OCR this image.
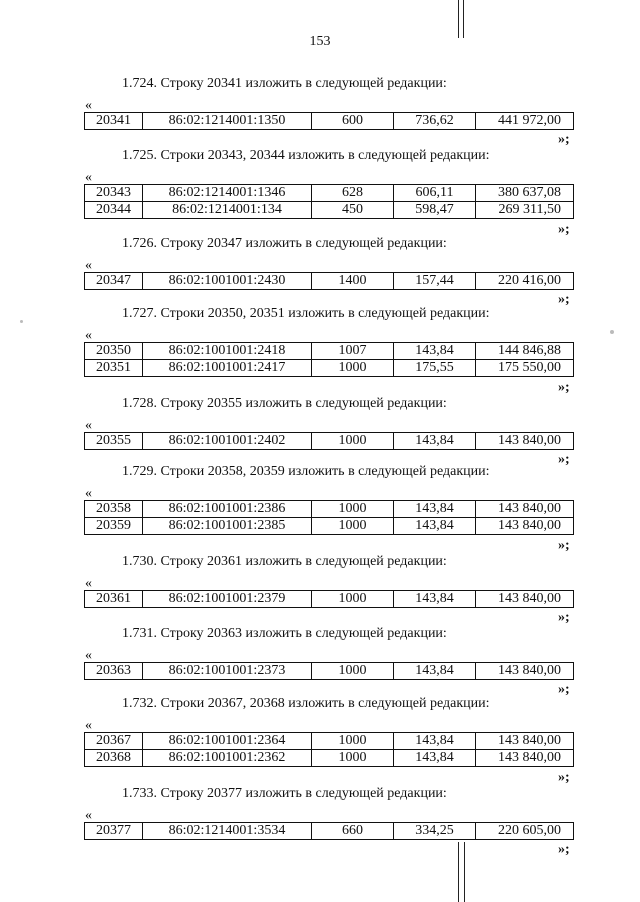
153
1.724. Строку 20341 изложить в следующей редакции:
«
20341	86:02:1214001:1350	600	736,62	441 972,00
»;
1.725. Строки 20343, 20344 изложить в следующей редакции:
«
20343	86:02:1214001:1346	628	606,11	380 637,08
20344	86:02:1214001:134	450	598,47	269 311,50
»;
1.726. Строку 20347 изложить в следующей редакции:
«
20347	86:02:1001001:2430	1400	157,44	220 416,00
»;
1.727. Строки 20350, 20351 изложить в следующей редакции:
«
20350	86:02:1001001:2418	1007	143,84	144 846,88
20351	86:02:1001001:2417	1000	175,55	175 550,00
»;
1.728. Строку 20355 изложить в следующей редакции:
«
20355	86:02:1001001:2402	1000	143,84	143 840,00
»;
1.729. Строки 20358, 20359 изложить в следующей редакции:
«
20358	86:02:1001001:2386	1000	143,84	143 840,00
20359	86:02:1001001:2385	1000	143,84	143 840,00
»;
1.730. Строку 20361 изложить в следующей редакции:
«
20361	86:02:1001001:2379	1000	143,84	143 840,00
»;
1.731. Строку 20363 изложить в следующей редакции:
«
20363	86:02:1001001:2373	1000	143,84	143 840,00
»;
1.732. Строки 20367, 20368 изложить в следующей редакции:
«
20367	86:02:1001001:2364	1000	143,84	143 840,00
20368	86:02:1001001:2362	1000	143,84	143 840,00
»;
1.733. Строку 20377 изложить в следующей редакции:
«
20377	86:02:1214001:3534	660	334,25	220 605,00
»;
